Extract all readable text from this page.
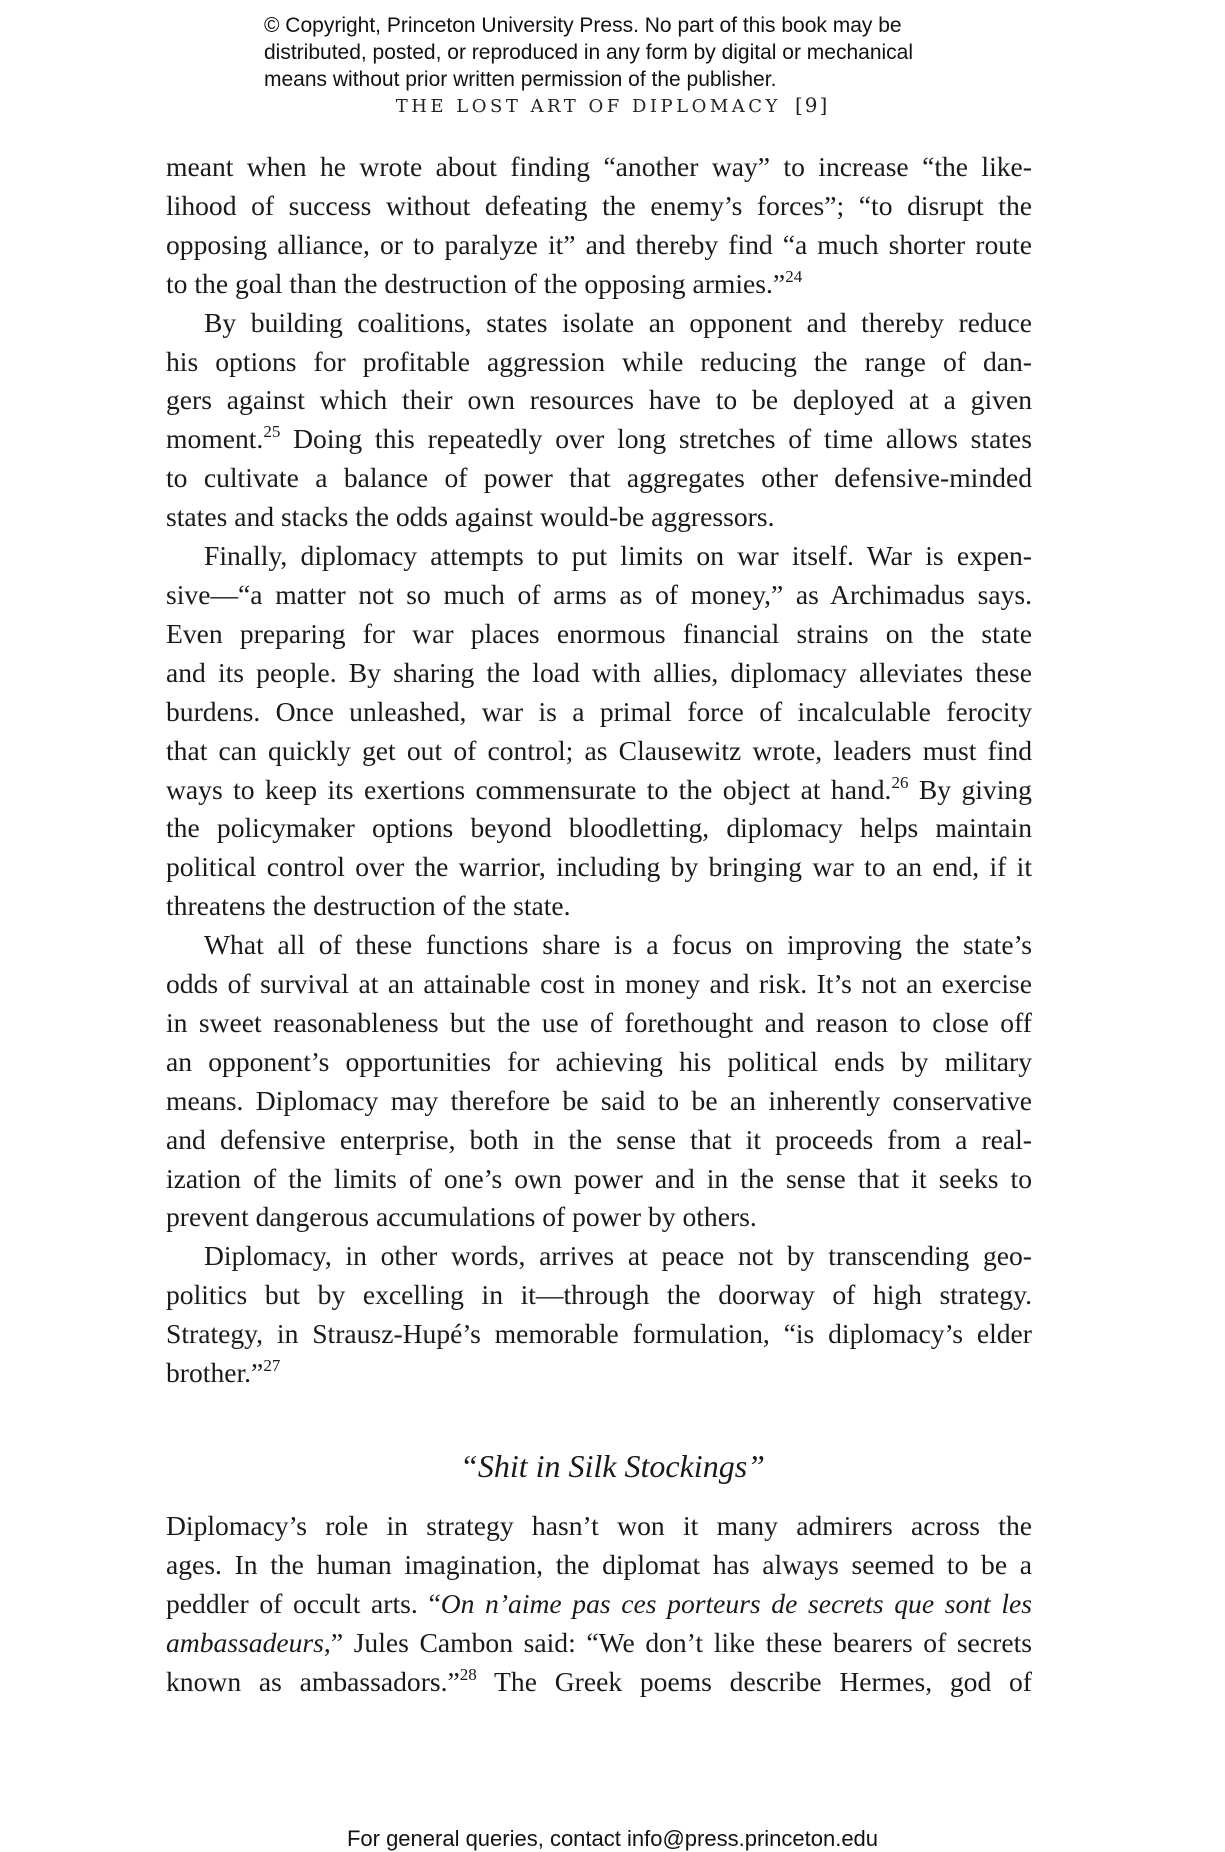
© Copyright, Princeton University Press. No part of this book may be

distributed, posted, or reproduced in any form by digital or mechanical

means without prior written permission of the publisher.

THE LOST ART OF DIPLOMACY [9]

meant when he wrote about finding “another way” to increase “the like-
lihood of success without defeating the enemy’s forces”; “to disrupt the
opposing alliance, or to paralyze it” and thereby find “a much shorter route
to the goal than the destruction of the opposing armies.”$^{24}$

By building coalitions, states isolate an opponent and thereby reduce
his options for profitable aggression while reducing the range of dan-
gers against which their own resources have to be deployed at a given
moment.$^{25}$ Doing this repeatedly over long stretches of time allows states
to cultivate a balance of power that aggregates other defensive-minded
states and stacks the odds against would-be aggressors.

Finally, diplomacy attempts to put limits on war itself. War is expen-
sive—“a matter not so much of arms as of money,” as Archimadus says.
Even preparing for war places enormous financial strains on the state
and its people. By sharing the load with allies, diplomacy alleviates these
burdens. Once unleashed, war is a primal force of incalculable ferocity
that can quickly get out of control; as Clausewitz wrote, leaders must find
ways to keep its exertions commensurate to the object at hand.$^{26}$ By giving
the policymaker options beyond bloodletting, diplomacy helps maintain
political control over the warrior, including by bringing war to an end, if it
threatens the destruction of the state.

What all of these functions share is a focus on improving the state’s
odds of survival at an attainable cost in money and risk. It’s not an exercise
in sweet reasonableness but the use of forethought and reason to close off
an opponent’s opportunities for achieving his political ends by military
means. Diplomacy may therefore be said to be an inherently conservative
and defensive enterprise, both in the sense that it proceeds from a real-
ization of the limits of one’s own power and in the sense that it seeks to
prevent dangerous accumulations of power by others.

Diplomacy, in other words, arrives at peace not by transcending geo-
politics but by excelling in it—through the doorway of high strategy.
Strategy, in Strausz-Hupé’s memorable formulation, “is diplomacy’s elder
brother.”$^{27}$

“Shit in Silk Stockings”

Diplomacy’s role in strategy hasn’t won it many admirers across the
ages. In the human imagination, the diplomat has always seemed to be a
peddler of occult arts. “On n’aime pas ces porteurs de secrets que sont les
ambassadeurs,” Jules Cambon said: “We don’t like these bearers of secrets
known as ambassadors.”$^{28}$ The Greek poems describe Hermes, god of

For general queries, contact info@press.princeton.edu
